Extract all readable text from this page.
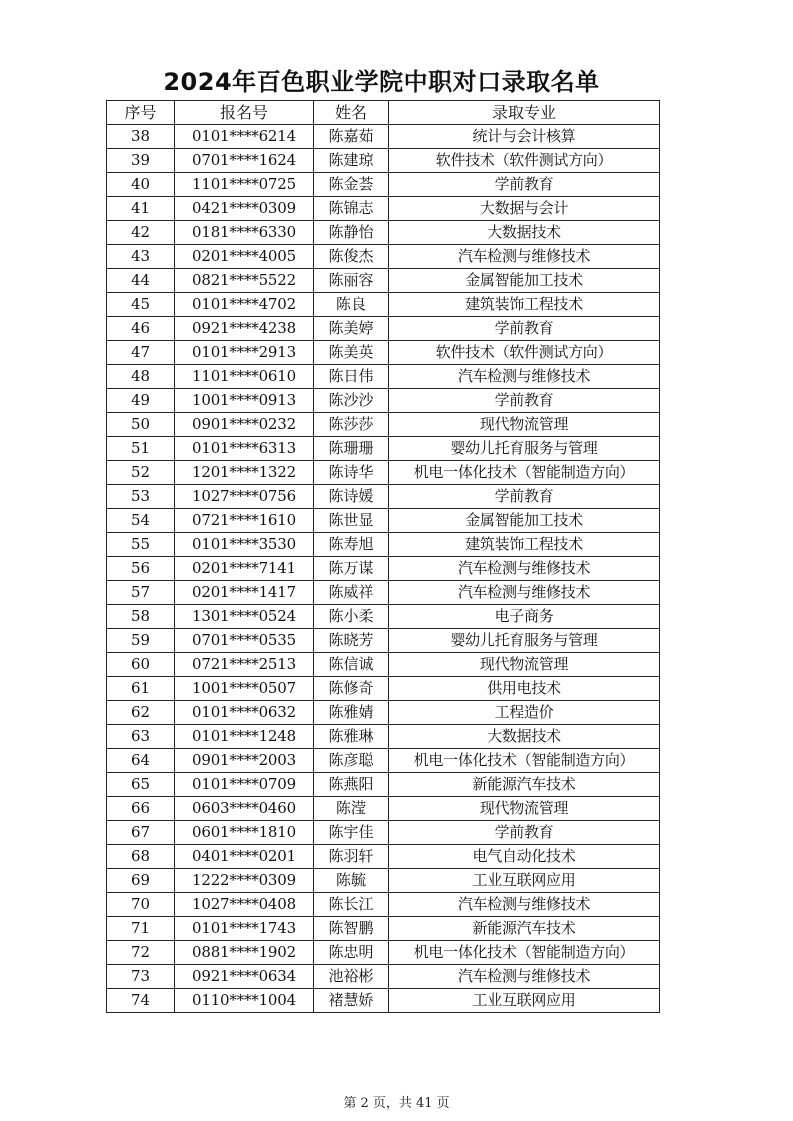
2024年百色职业学院中职对口录取名单
序号	报名号	姓名	录取专业
38	0101****6214	陈嘉茹	统计与会计核算
39	0701****1624	陈建琼	软件技术（软件测试方向）
40	1101****0725	陈金荟	学前教育
41	0421****0309	陈锦志	大数据与会计
42	0181****6330	陈静怡	大数据技术
43	0201****4005	陈俊杰	汽车检测与维修技术
44	0821****5522	陈丽容	金属智能加工技术
45	0101****4702	陈良	建筑装饰工程技术
46	0921****4238	陈美婷	学前教育
47	0101****2913	陈美英	软件技术（软件测试方向）
48	1101****0610	陈日伟	汽车检测与维修技术
49	1001****0913	陈沙沙	学前教育
50	0901****0232	陈莎莎	现代物流管理
51	0101****6313	陈珊珊	婴幼儿托育服务与管理
52	1201****1322	陈诗华	机电一体化技术（智能制造方向）
53	1027****0756	陈诗媛	学前教育
54	0721****1610	陈世显	金属智能加工技术
55	0101****3530	陈寿旭	建筑装饰工程技术
56	0201****7141	陈万谋	汽车检测与维修技术
57	0201****1417	陈威祥	汽车检测与维修技术
58	1301****0524	陈小柔	电子商务
59	0701****0535	陈晓芳	婴幼儿托育服务与管理
60	0721****2513	陈信诚	现代物流管理
61	1001****0507	陈修奇	供用电技术
62	0101****0632	陈雅婧	工程造价
63	0101****1248	陈雅琳	大数据技术
64	0901****2003	陈彦聪	机电一体化技术（智能制造方向）
65	0101****0709	陈燕阳	新能源汽车技术
66	0603****0460	陈滢	现代物流管理
67	0601****1810	陈宇佳	学前教育
68	0401****0201	陈羽轩	电气自动化技术
69	1222****0309	陈毓	工业互联网应用
70	1027****0408	陈长江	汽车检测与维修技术
71	0101****1743	陈智鹏	新能源汽车技术
72	0881****1902	陈忠明	机电一体化技术（智能制造方向）
73	0921****0634	池裕彬	汽车检测与维修技术
74	0110****1004	褚慧娇	工业互联网应用
第 2 页，共 41 页
